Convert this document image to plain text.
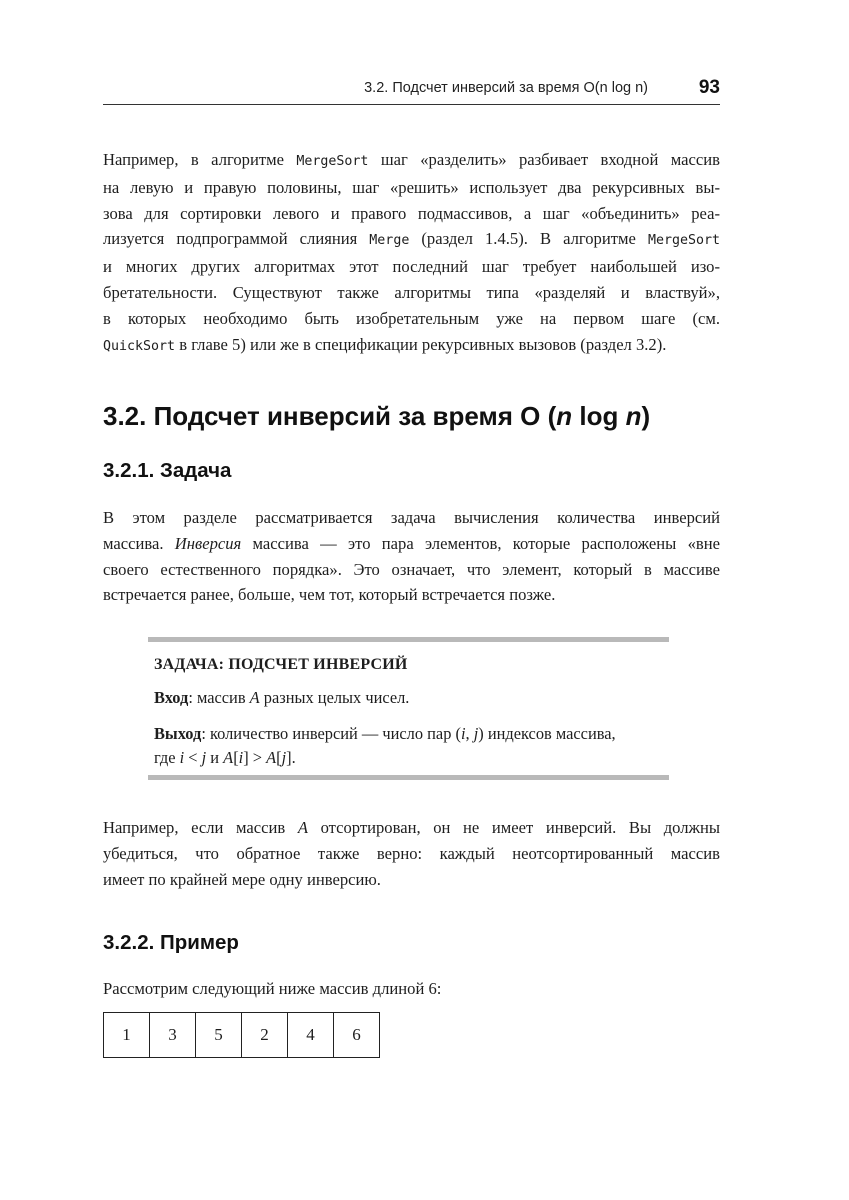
3.2. Подсчет инверсий за время O(n log n)	93
Например, в алгоритме MergeSort шаг «разделить» разбивает входной массив
на левую и правую половины, шаг «решить» использует два рекурсивных вы-
зова для сортировки левого и правого подмассивов, а шаг «объединить» реа-
лизуется подпрограммой слияния Merge (раздел 1.4.5). В алгоритме MergeSort
и многих других алгоритмах этот последний шаг требует наибольшей изо-
бретательности. Существуют также алгоритмы типа «разделяй и властвуй»,
в которых необходимо быть изобретательным уже на первом шаге (см.
QuickSort в главе 5) или же в спецификации рекурсивных вызовов (раздел 3.2).
3.2. Подсчет инверсий за время O (n log n)
3.2.1. Задача
В этом разделе рассматривается задача вычисления количества инверсий
массива. Инверсия массива — это пара элементов, которые расположены «вне
своего естественного порядка». Это означает, что элемент, который в массиве
встречается ранее, больше, чем тот, который встречается позже.
ЗАДАЧА: ПОДСЧЕТ ИНВЕРСИЙ
Вход: массив A разных целых чисел.
Выход: количество инверсий — число пар (i, j) индексов массива,
где i < j и A[i] > A[j].
Например, если массив A отсортирован, он не имеет инверсий. Вы должны
убедиться, что обратное также верно: каждый неотсортированный массив
имеет по крайней мере одну инверсию.
3.2.2. Пример
Рассмотрим следующий ниже массив длиной 6:
1	3	5	2	4	6
